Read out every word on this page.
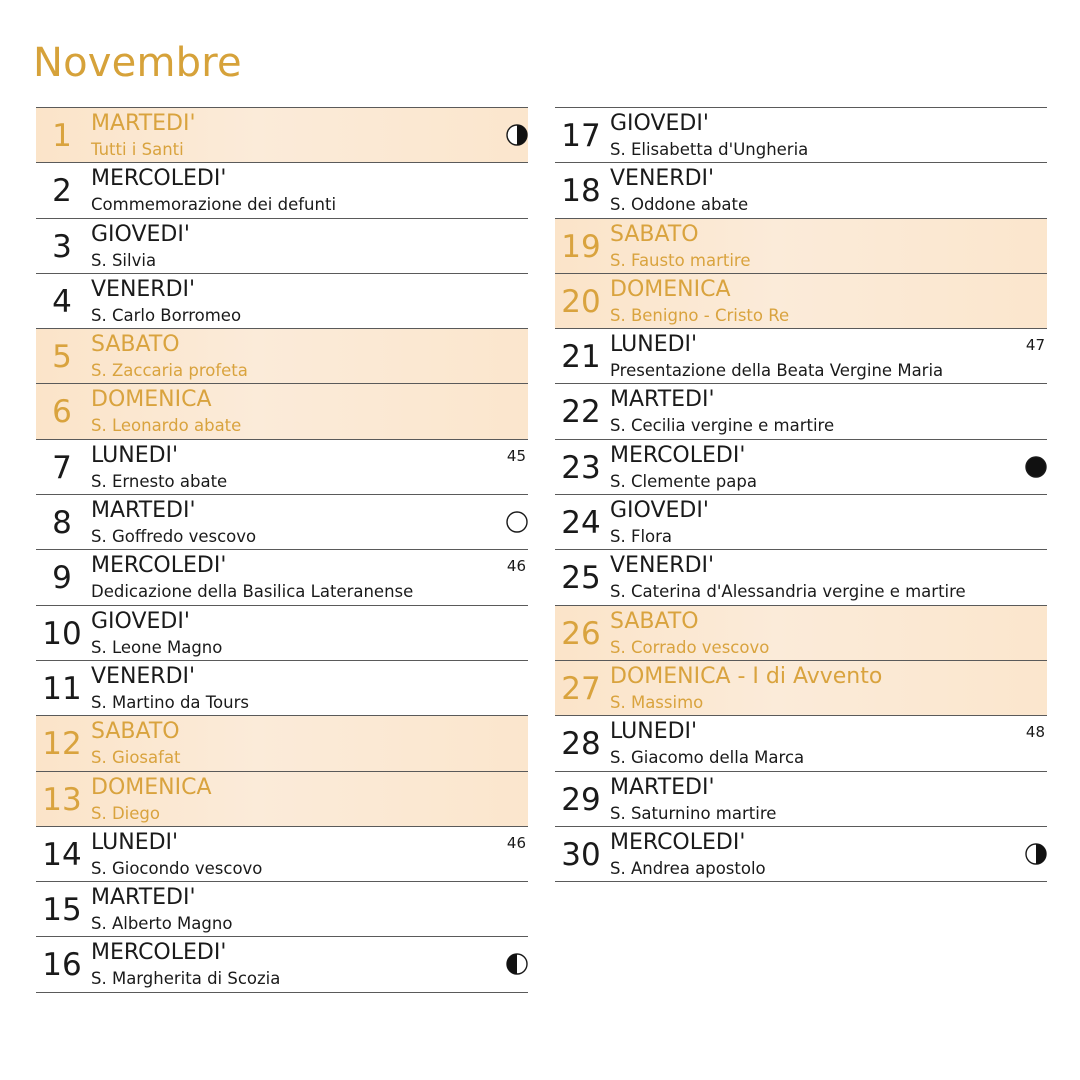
Novembre
1 MARTEDI'
Tutti i Santi
2 MERCOLEDI'
Commemorazione dei defunti
3 GIOVEDI'
S. Silvia
4 VENERDI'
S. Carlo Borromeo
5 SABATO
S. Zaccaria profeta
6 DOMENICA
S. Leonardo abate
7 LUNEDI'
S. Ernesto abate
45
8 MARTEDI'
S. Goffredo vescovo
9 MERCOLEDI'
Dedicazione della Basilica Lateranense
46
10 GIOVEDI'
S. Leone Magno
11 VENERDI'
S. Martino da Tours
12 SABATO
S. Giosafat
13 DOMENICA
S. Diego
14 LUNEDI'
S. Giocondo vescovo
46
15 MARTEDI'
S. Alberto Magno
16 MERCOLEDI'
S. Margherita di Scozia
17 GIOVEDI'
S. Elisabetta d'Ungheria
18 VENERDI'
S. Oddone abate
19 SABATO
S. Fausto martire
20 DOMENICA
S. Benigno - Cristo Re
21 LUNEDI'
Presentazione della Beata Vergine Maria
47
22 MARTEDI'
S. Cecilia vergine e martire
23 MERCOLEDI'
S. Clemente papa
24 GIOVEDI'
S. Flora
25 VENERDI'
S. Caterina d'Alessandria vergine e martire
26 SABATO
S. Corrado vescovo
27 DOMENICA - I di Avvento
S. Massimo
28 LUNEDI'
S. Giacomo della Marca
48
29 MARTEDI'
S. Saturnino martire
30 MERCOLEDI'
S. Andrea apostolo
